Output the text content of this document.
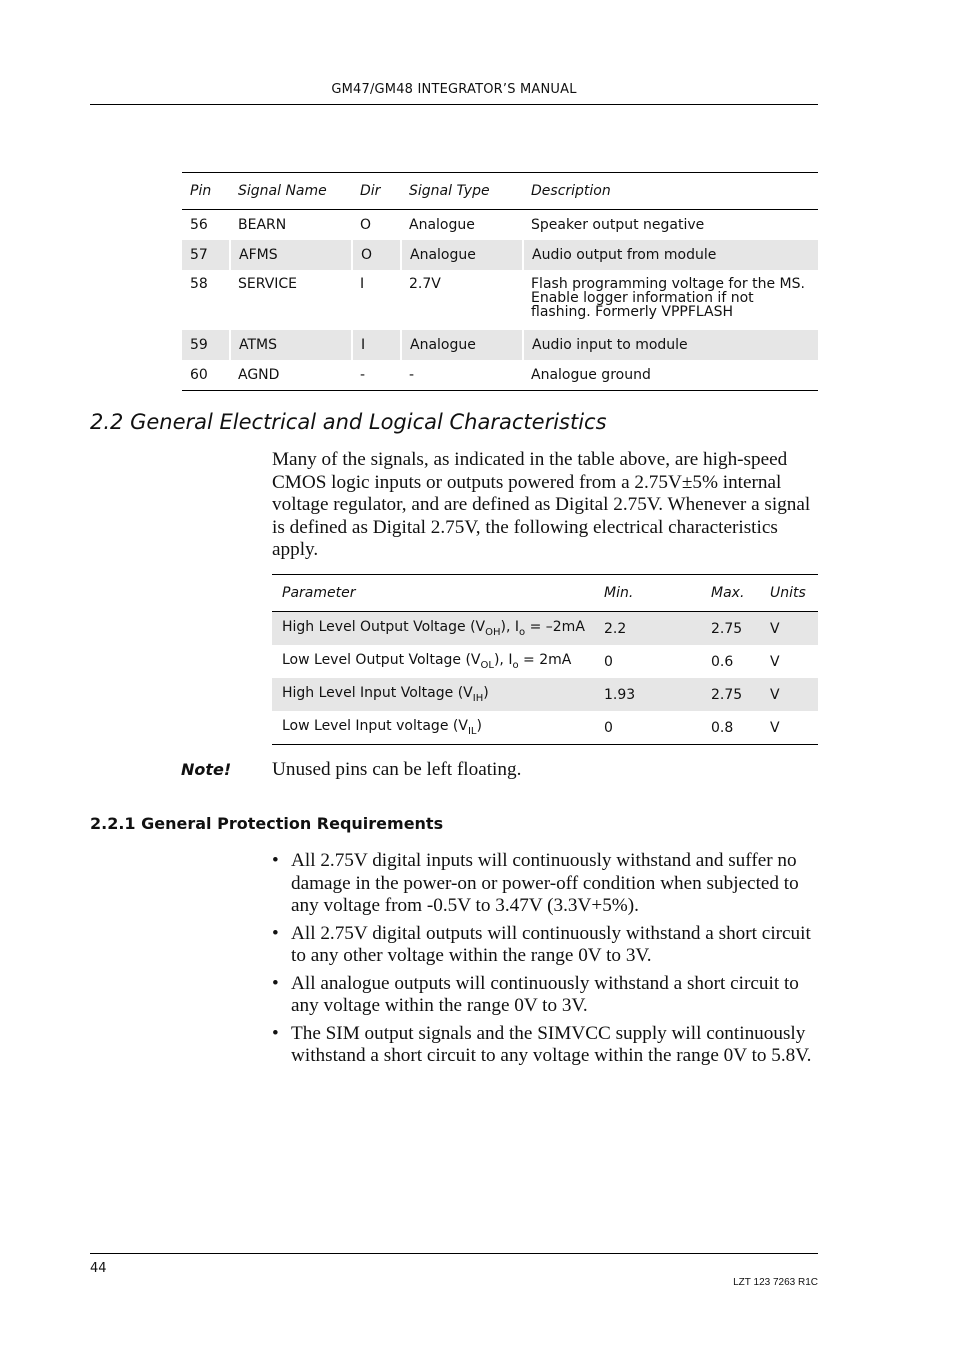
GM47/GM48 INTEGRATOR’S MANUAL
Pin	Signal Name	Dir	Signal Type	Description
56	BEARN	O	Analogue	Speaker output negative
57	AFMS	O	Analogue	Audio output from module
58	SERVICE	I	2.7V	Flash programming voltage for the MS.
Enable logger information if not
flashing. Formerly VPPFLASH

59	ATMS	I	Analogue	Audio input to module
60	AGND	-	-	Analogue ground
2.2 General Electrical and Logical Characteristics

Many of the signals, as indicated in the table above, are high-speed CMOS logic inputs or outputs powered from a 2.75V±5% internal voltage regulator, and are defined as Digital 2.75V. Whenever a signal is defined as Digital 2.75V, the following electrical characteristics apply.

Parameter	Min.	Max.	Units
High Level Output Voltage $(V_{OH})$, $I_o = -2mA$	2.2	2.75	V
Low Level Output Voltage $(V_{OL})$, $I_o = 2mA$	0	0.6	V
High Level Input Voltage $(V_{IH})$	1.93	2.75	V
Low Level Input voltage $(V_{IL})$	0	0.8	V
Note! Unused pins can be left floating.
2.2.1 General Protection Requirements
• All 2.75V digital inputs will continuously withstand and suffer no damage in the power-on or power-off condition when subjected to any voltage from -0.5V to 3.47V (3.3V+5%).
• All 2.75V digital outputs will continuously withstand a short circuit to any other voltage within the range 0V to 3V.
• All analogue outputs will continuously withstand a short circuit to any voltage within the range 0V to 3V.
• The SIM output signals and the SIMVCC supply will continuously withstand a short circuit to any voltage within the range 0V to 5.8V.
44
LZT 123 7263 R1C
